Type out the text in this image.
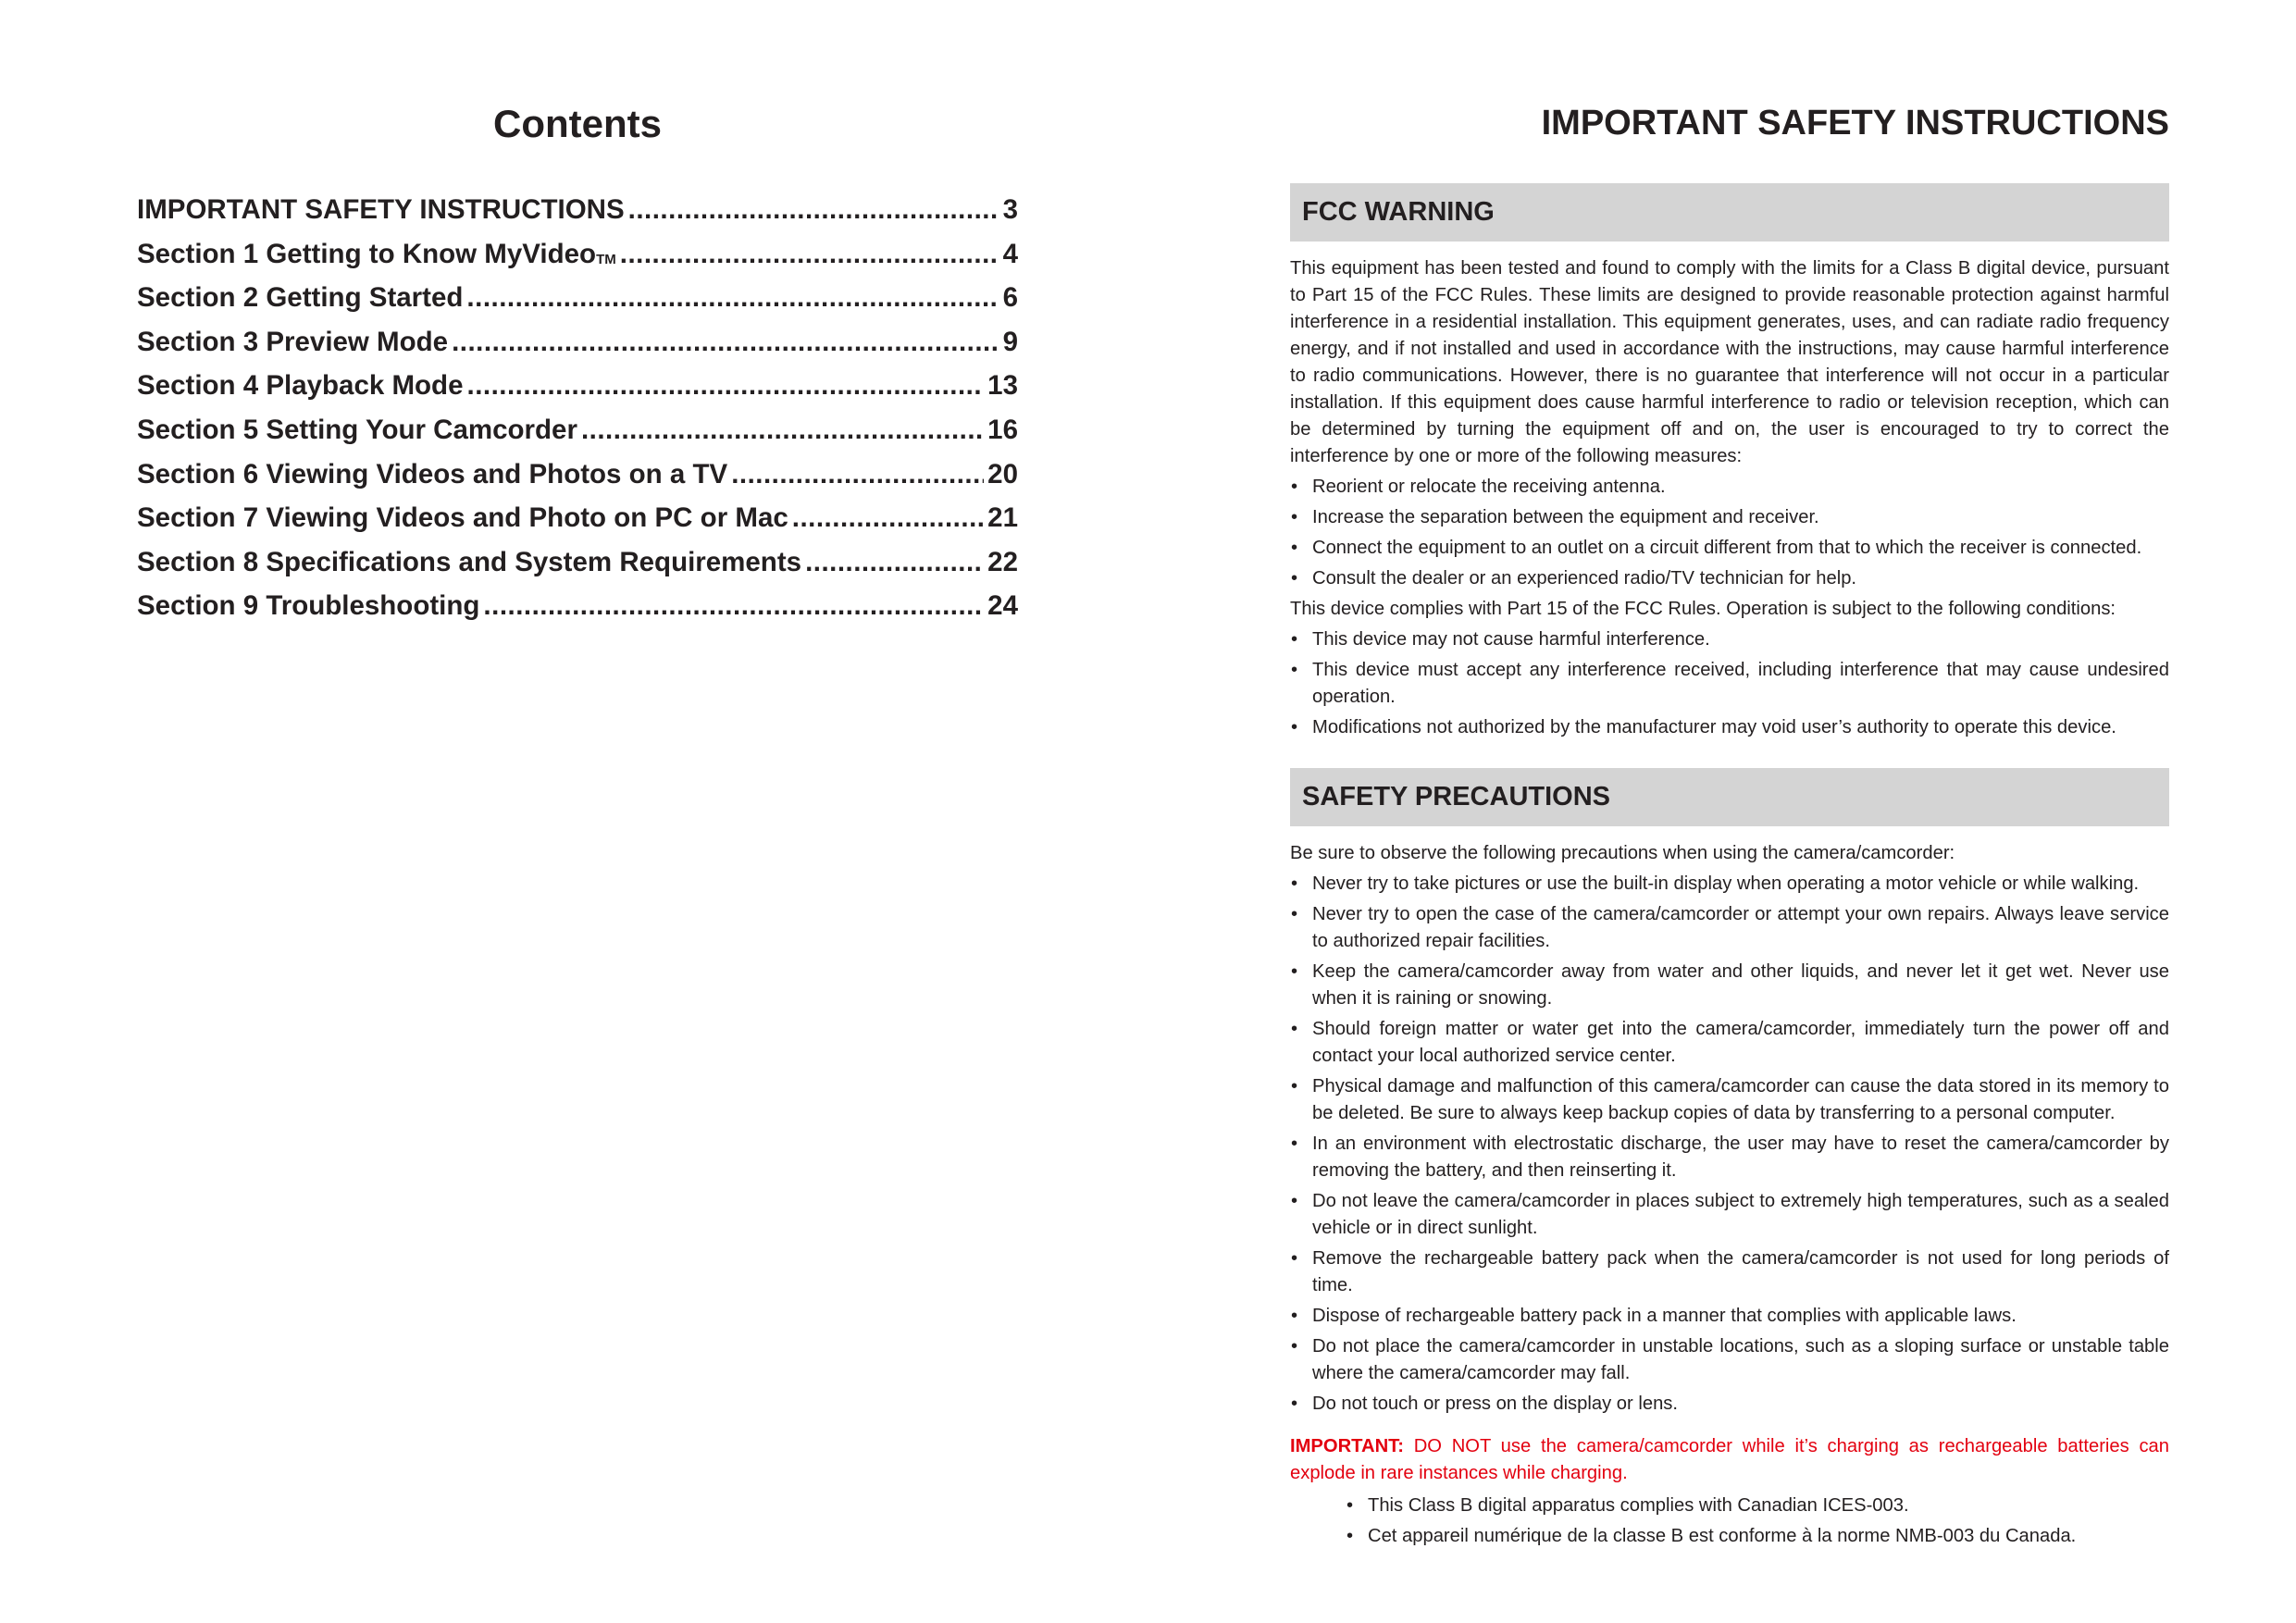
Contents
IMPORTANT SAFETY INSTRUCTIONS .....	3
Section 1 Getting to Know MyVideo™ .....	4
Section 2 Getting Started .....	6
Section 3 Preview Mode .....	9
Section 4 Playback Mode .....	13
Section 5 Setting Your Camcorder .....	16
Section 6 Viewing Videos and Photos on a TV .....	20
Section 7 Viewing Videos and Photo on PC or Mac .....	21
Section 8 Specifications and System Requirements .....	22
Section 9 Troubleshooting .....	24
IMPORTANT SAFETY INSTRUCTIONS
FCC WARNING

This equipment has been tested and found to comply with the limits for a Class B digital device, pursuant to Part 15 of the FCC Rules. These limits are designed to provide reasonable protection against harmful interference in a residential installation. This equipment generates, uses, and can radiate radio frequency energy, and if not installed and used in accordance with the instructions, may cause harmful interference to radio communications. However, there is no guarantee that interference will not occur in a particular installation. If this equipment does cause harmful interference to radio or television reception, which can be determined by turning the equipment off and on, the user is encouraged to try to correct the interference by one or more of the following measures:

• Reorient or relocate the receiving antenna.
• Increase the separation between the equipment and receiver.
• Connect the equipment to an outlet on a circuit different from that to which the receiver is connected.
• Consult the dealer or an experienced radio/TV technician for help.

This device complies with Part 15 of the FCC Rules. Operation is subject to the following conditions:

• This device may not cause harmful interference.
• This device must accept any interference received, including interference that may cause undesired operation.
• Modifications not authorized by the manufacturer may void user’s authority to operate this device.
SAFETY PRECAUTIONS

Be sure to observe the following precautions when using the camera/camcorder:

• Never try to take pictures or use the built-in display when operating a motor vehicle or while walking.
• Never try to open the case of the camera/camcorder or attempt your own repairs. Always leave service to authorized repair facilities.
• Keep the camera/camcorder away from water and other liquids, and never let it get wet. Never use when it is raining or snowing.
• Should foreign matter or water get into the camera/camcorder, immediately turn the power off and contact your local authorized service center.
• Physical damage and malfunction of this camera/camcorder can cause the data stored in its memory to be deleted. Be sure to always keep backup copies of data by transferring to a personal computer.
• In an environment with electrostatic discharge, the user may have to reset the camera/camcorder by removing the battery, and then reinserting it.
• Do not leave the camera/camcorder in places subject to extremely high temperatures, such as a sealed vehicle or in direct sunlight.
• Remove the rechargeable battery pack when the camera/camcorder is not used for long periods of time.
• Dispose of rechargeable battery pack in a manner that complies with applicable laws.
• Do not place the camera/camcorder in unstable locations, such as a sloping surface or unstable table where the camera/camcorder may fall.
• Do not touch or press on the display or lens.

IMPORTANT: DO NOT use the camera/camcorder while it’s charging as rechargeable batteries can explode in rare instances while charging.

• This Class B digital apparatus complies with Canadian ICES-003.
• Cet appareil numérique de la classe B est conforme à la norme NMB-003 du Canada.
